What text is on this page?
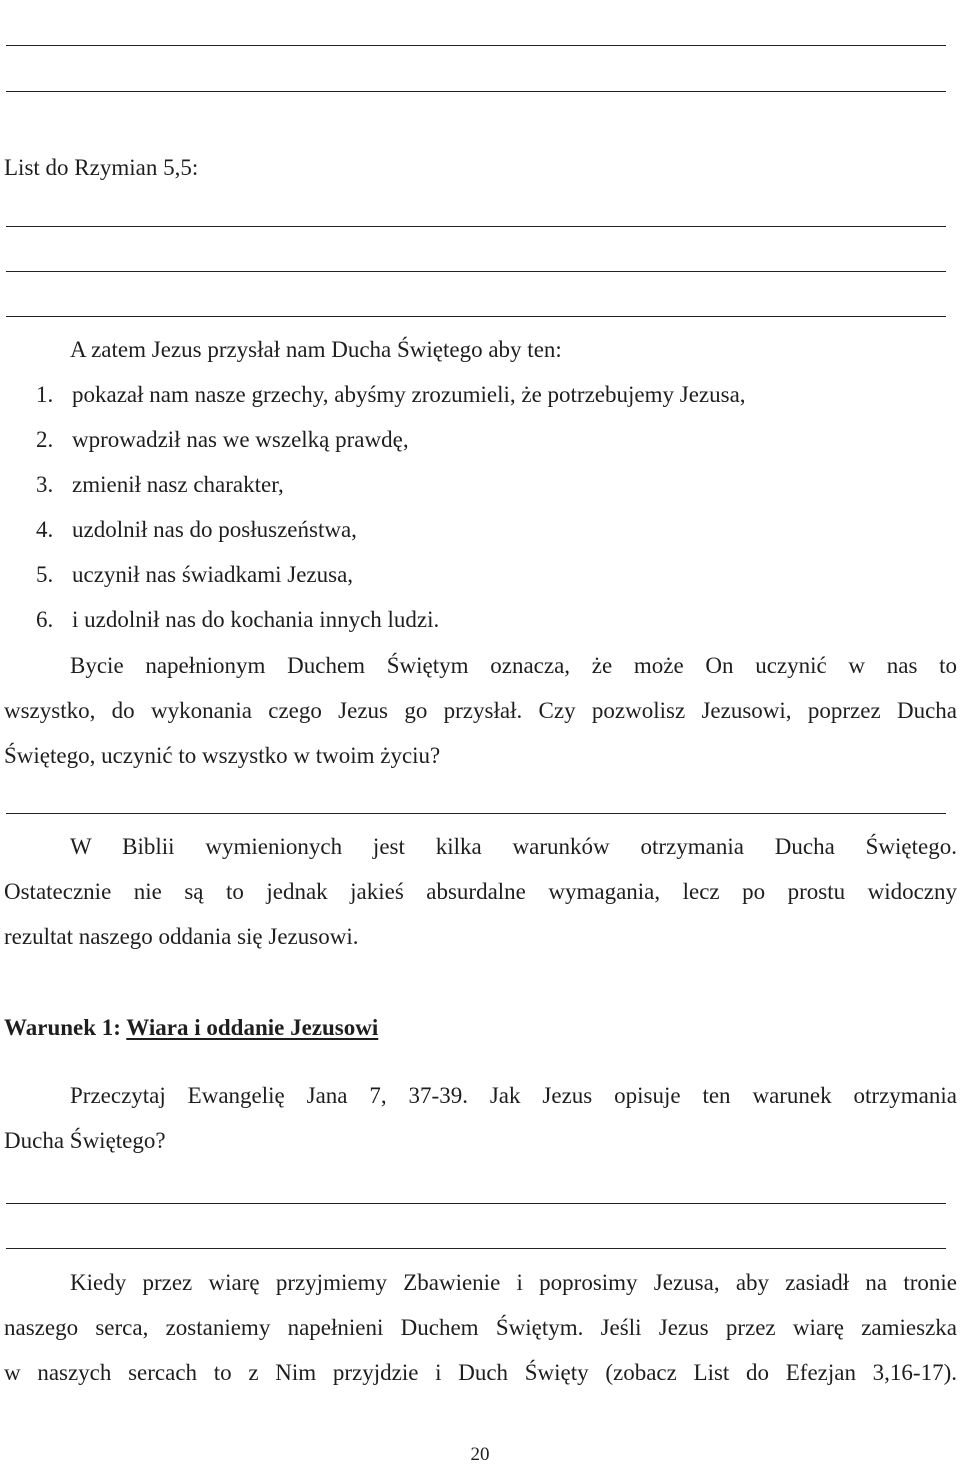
List do Rzymian 5,5:
A zatem Jezus przysłał nam Ducha Świętego aby ten:
1. pokazał nam nasze grzechy, abyśmy zrozumieli, że potrzebujemy Jezusa,
2. wprowadził nas we wszelką prawdę,
3. zmienił nasz charakter,
4. uzdolnił nas do posłuszeństwa,
5. uczynił nas świadkami Jezusa,
6. i uzdolnił nas do kochania innych ludzi.
Bycie napełnionym Duchem Świętym oznacza, że może On uczynić w nas to
wszystko, do wykonania czego Jezus go przysłał. Czy pozwolisz Jezusowi, poprzez Ducha
Świętego, uczynić to wszystko w twoim życiu?
W Biblii wymienionych jest kilka warunków otrzymania Ducha Świętego.
Ostatecznie nie są to jednak jakieś absurdalne wymagania, lecz po prostu widoczny
rezultat naszego oddania się Jezusowi.
Warunek 1: Wiara i oddanie Jezusowi
Przeczytaj Ewangelię Jana 7, 37-39. Jak Jezus opisuje ten warunek otrzymania
Ducha Świętego?
Kiedy przez wiarę przyjmiemy Zbawienie i poprosimy Jezusa, aby zasiadł na tronie
naszego serca, zostaniemy napełnieni Duchem Świętym. Jeśli Jezus przez wiarę zamieszka
w naszych sercach to z Nim przyjdzie i Duch Święty (zobacz List do Efezjan 3,16-17).
20
